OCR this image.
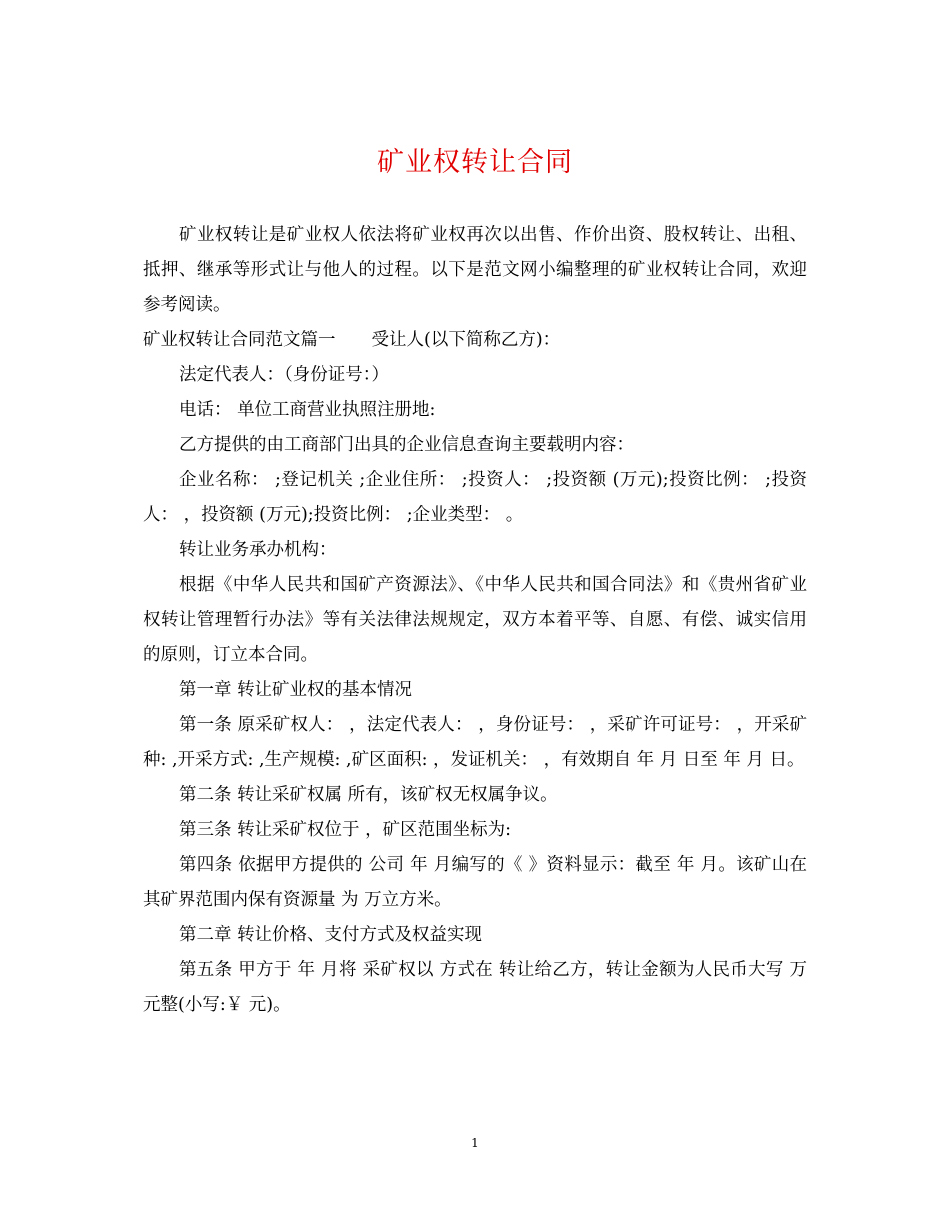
矿业权转让合同

矿业权转让是矿业权人依法将矿业权再次以出售、作价出资、股权转让、出租、抵押、继承等形式让与他人的过程。以下是范文网小编整理的矿业权转让合同，欢迎参考阅读。

矿业权转让合同范文篇一 受让人(以下简称乙方)：

法定代表人：（身份证号：）

电话： 单位工商营业执照注册地:

乙方提供的由工商部门出具的企业信息查询主要载明内容：

企业名称： ;登记机关 ;企业住所： ;投资人： ;投资额 (万元);投资比例： ;投资人： ，投资额 (万元);投资比例： ;企业类型： 。

转让业务承办机构：

根据《中华人民共和国矿产资源法》、《中华人民共和国合同法》和《贵州省矿业权转让管理暂行办法》等有关法律法规规定，双方本着平等、自愿、有偿、诚实信用的原则，订立本合同。

第一章 转让矿业权的基本情况

第一条 原采矿权人： ，法定代表人： ，身份证号： ，采矿许可证号： ，开采矿种: ,开采方式: ,生产规模: ,矿区面积: ，发证机关： ，有效期自 年 月 日至 年 月 日。

第二条 转让采矿权属 所有，该矿权无权属争议。

第三条 转让采矿权位于 ，矿区范围坐标为:

第四条 依据甲方提供的 公司 年 月编写的《 》资料显示：截至 年 月。该矿山在其矿界范围内保有资源量 为 万立方米。

第二章 转让价格、支付方式及权益实现

第五条 甲方于 年 月将 采矿权以 方式在 转让给乙方，转让金额为人民币大写 万元整(小写:￥ 元)。

1
